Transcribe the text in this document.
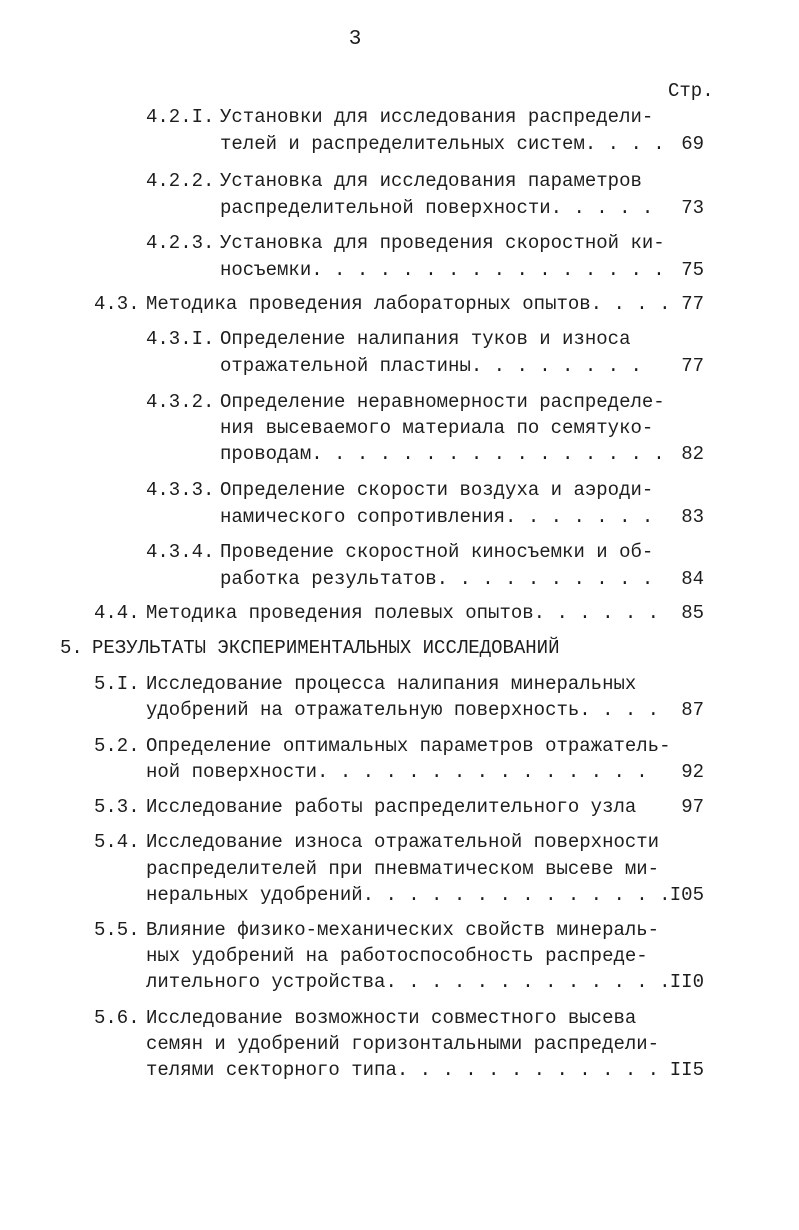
3
Стр.
4.2.I. Установки для исследования распредели-
телей и распределительных систем. . . . 69
4.2.2. Установка для исследования параметров
распределительной поверхности. . . . .	73
4.2.3. Установка для проведения скоростной ки-
носъемки. . . . . . . . . . . . . . . . 75
4.3. Методика проведения лабораторных опытов. . . . 77
4.3.I. Определение налипания туков и износа
отражательной пластины. . . . . . . .	77
4.3.2. Определение неравномерности распределе-
ния высеваемого материала по семятуко-
проводам. . . . . . . . . . . . . . . . 82
4.3.3. Определение скорости воздуха и аэроди-
намического сопротивления. . . . . . .	83
4.3.4. Проведение скоростной киносъемки и об-
работка результатов. . . . . . . . . .	84
4.4. Методика проведения полевых опытов. . . . . .	85
5. РЕЗУЛЬТАТЫ ЭКСПЕРИМЕНТАЛЬНЫХ ИССЛЕДОВАНИЙ
5.I. Исследование процесса налипания минеральных
удобрений на отражательную поверхность. . . .	87
5.2. Определение оптимальных параметров отражатель-
ной поверхности. . . . . . . . . . . . . . .	92
5.3. Исследование работы распределительного узла	97
5.4. Исследование износа отражательной поверхности
распределителей при пневматическом высеве ми-
неральных удобрений. . . . . . . . . . . . . . I05
5.5. Влияние физико-механических свойств минераль-
ных удобрений на работоспособность распреде-
лительного устройства. . . . . . . . . . . . . II0
5.6. Исследование возможности совместного высева
семян и удобрений горизонтальными распредели-
телями секторного типа. . . . . . . . . . . . II5
